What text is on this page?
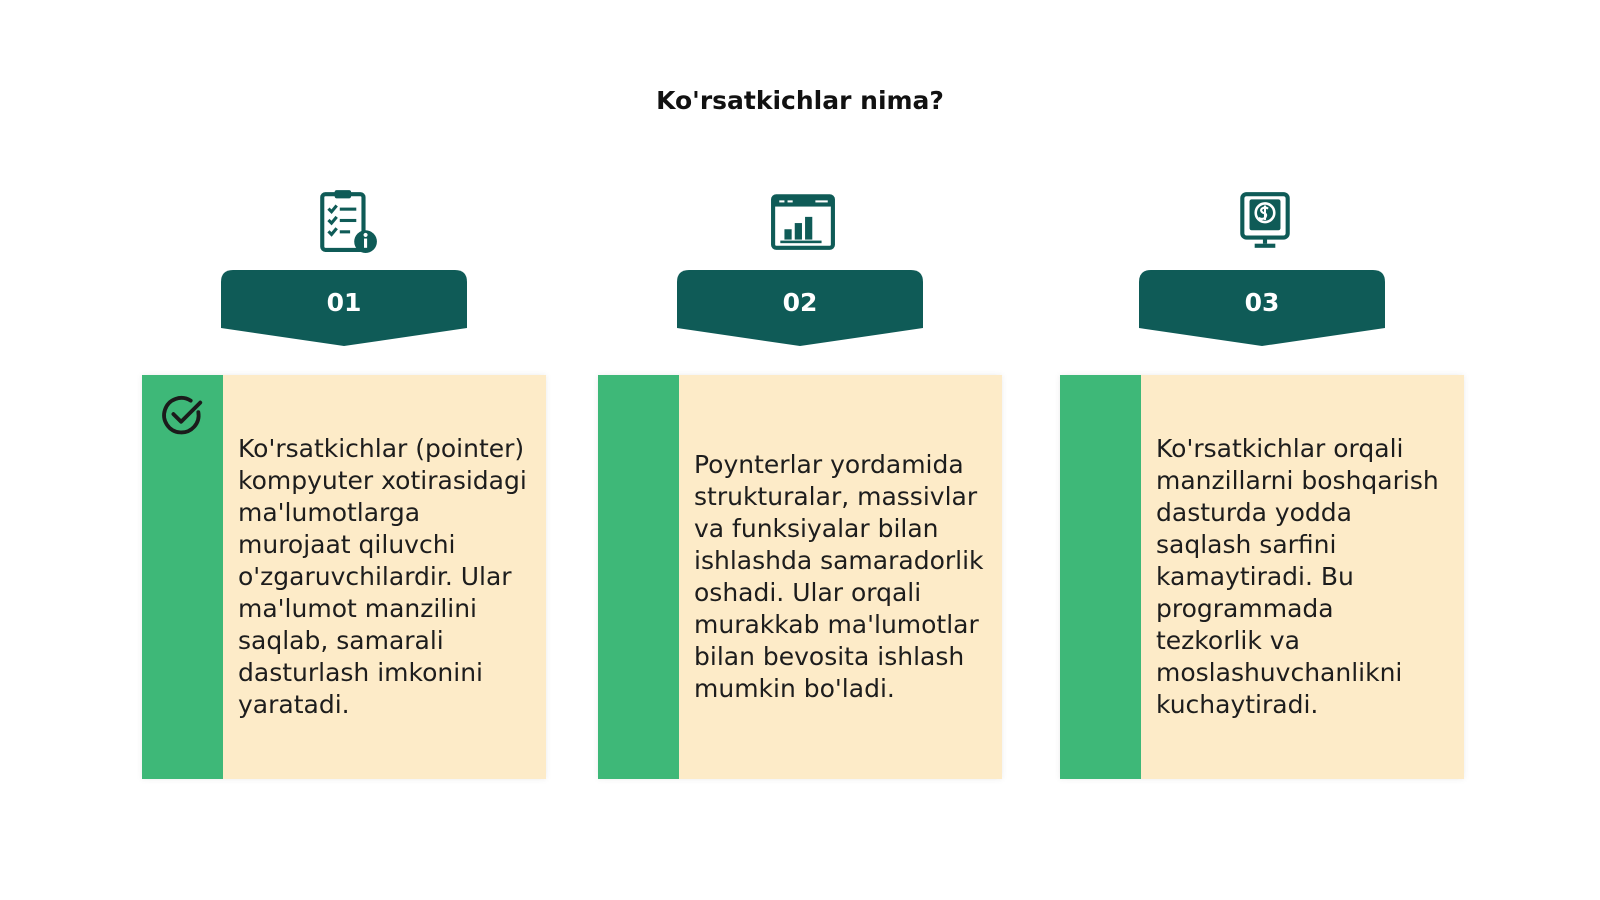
Ko'rsatkichlar nima?
01
Ko'rsatkichlar (pointer) kompyuter xotirasidagi ma'lumotlarga murojaat qiluvchi o'zgaruvchilardir. Ular ma'lumot manzilini saqlab, samarali dasturlash imkonini yaratadi.
02
Poynterlar yordamida strukturalar, massivlar va funksiyalar bilan ishlashda samaradorlik oshadi. Ular orqali murakkab ma'lumotlar bilan bevosita ishlash mumkin bo'ladi.
03
Ko'rsatkichlar orqali manzillarni boshqarish dasturda yodda saqlash sarfini kamaytiradi. Bu programmada tezkorlik va moslashuvchanlikni kuchaytiradi.
